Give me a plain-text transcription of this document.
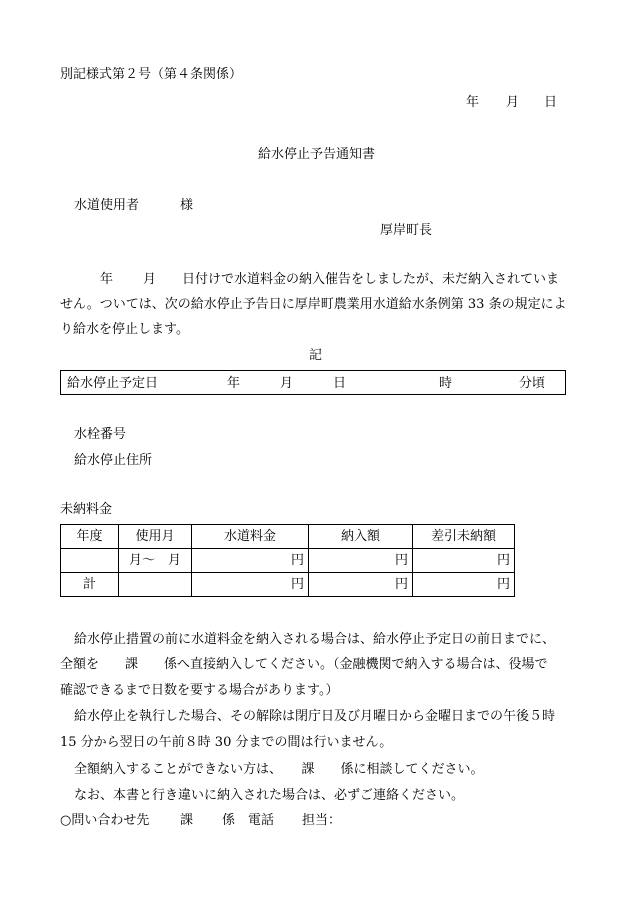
別記様式第２号（第４条関係）
年 月 日
給水停止予告通知書
水道使用者	様
厚岸町長
年 月 日付けで水道料金の納入催告をしましたが、未だ納入されていま
せん。ついては、次の給水停止予告日に厚岸町農業用水道給水条例第 33 条の規定によ
り給水を停止します。
記
給水停止予定日	年	月	日	時	分頃
水栓番号
給水停止住所
未納料金
年度	使用月	水道料金	納入額	差引未納額
	月～　月	円	円	円
計		円	円	円
給水停止措置の前に水道料金を納入される場合は、給水停止予定日の前日までに、
全額を　　課　　係へ直接納入してください。（金融機関で納入する場合は、役場で
確認できるまで日数を要する場合があります。）
給水停止を執行した場合、その解除は閉庁日及び月曜日から金曜日までの午後５時
15 分から翌日の午前８時 30 分までの間は行いません。
全額納入することができない方は、　　課　　係に相談してください。
なお、本書と行き違いに納入された場合は、必ずご連絡ください。
○問い合わせ先 課 係 電話 担当：
